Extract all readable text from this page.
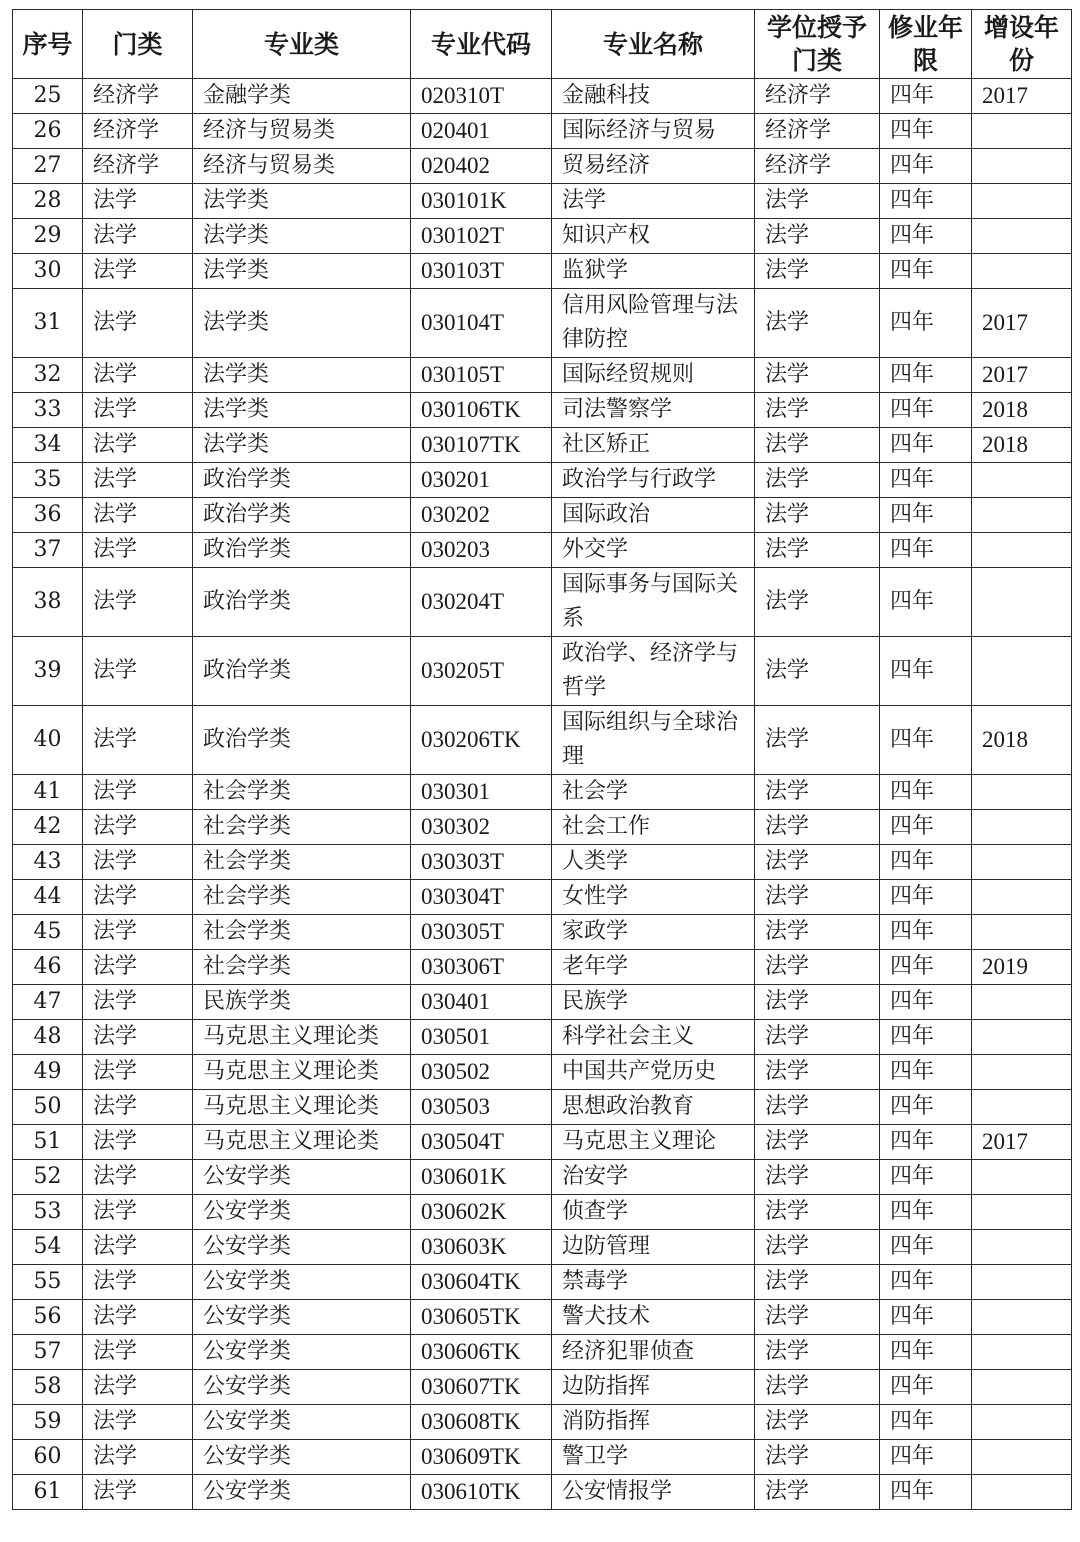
序号	门类	专业类	专业代码	专业名称	学位授予门类	修业年限	增设年份
25	经济学	金融学类	020310T	金融科技	经济学	四年	2017
26	经济学	经济与贸易类	020401	国际经济与贸易	经济学	四年	
27	经济学	经济与贸易类	020402	贸易经济	经济学	四年	
28	法学	法学类	030101K	法学	法学	四年	
29	法学	法学类	030102T	知识产权	法学	四年	
30	法学	法学类	030103T	监狱学	法学	四年	
31	法学	法学类	030104T	信用风险管理与法律防控	法学	四年	2017
32	法学	法学类	030105T	国际经贸规则	法学	四年	2017
33	法学	法学类	030106TK	司法警察学	法学	四年	2018
34	法学	法学类	030107TK	社区矫正	法学	四年	2018
35	法学	政治学类	030201	政治学与行政学	法学	四年	
36	法学	政治学类	030202	国际政治	法学	四年	
37	法学	政治学类	030203	外交学	法学	四年	
38	法学	政治学类	030204T	国际事务与国际关系	法学	四年	
39	法学	政治学类	030205T	政治学、经济学与哲学	法学	四年	
40	法学	政治学类	030206TK	国际组织与全球治理	法学	四年	2018
41	法学	社会学类	030301	社会学	法学	四年	
42	法学	社会学类	030302	社会工作	法学	四年	
43	法学	社会学类	030303T	人类学	法学	四年	
44	法学	社会学类	030304T	女性学	法学	四年	
45	法学	社会学类	030305T	家政学	法学	四年	
46	法学	社会学类	030306T	老年学	法学	四年	2019
47	法学	民族学类	030401	民族学	法学	四年	
48	法学	马克思主义理论类	030501	科学社会主义	法学	四年	
49	法学	马克思主义理论类	030502	中国共产党历史	法学	四年	
50	法学	马克思主义理论类	030503	思想政治教育	法学	四年	
51	法学	马克思主义理论类	030504T	马克思主义理论	法学	四年	2017
52	法学	公安学类	030601K	治安学	法学	四年	
53	法学	公安学类	030602K	侦查学	法学	四年	
54	法学	公安学类	030603K	边防管理	法学	四年	
55	法学	公安学类	030604TK	禁毒学	法学	四年	
56	法学	公安学类	030605TK	警犬技术	法学	四年	
57	法学	公安学类	030606TK	经济犯罪侦查	法学	四年	
58	法学	公安学类	030607TK	边防指挥	法学	四年	
59	法学	公安学类	030608TK	消防指挥	法学	四年	
60	法学	公安学类	030609TK	警卫学	法学	四年	
61	法学	公安学类	030610TK	公安情报学	法学	四年	
